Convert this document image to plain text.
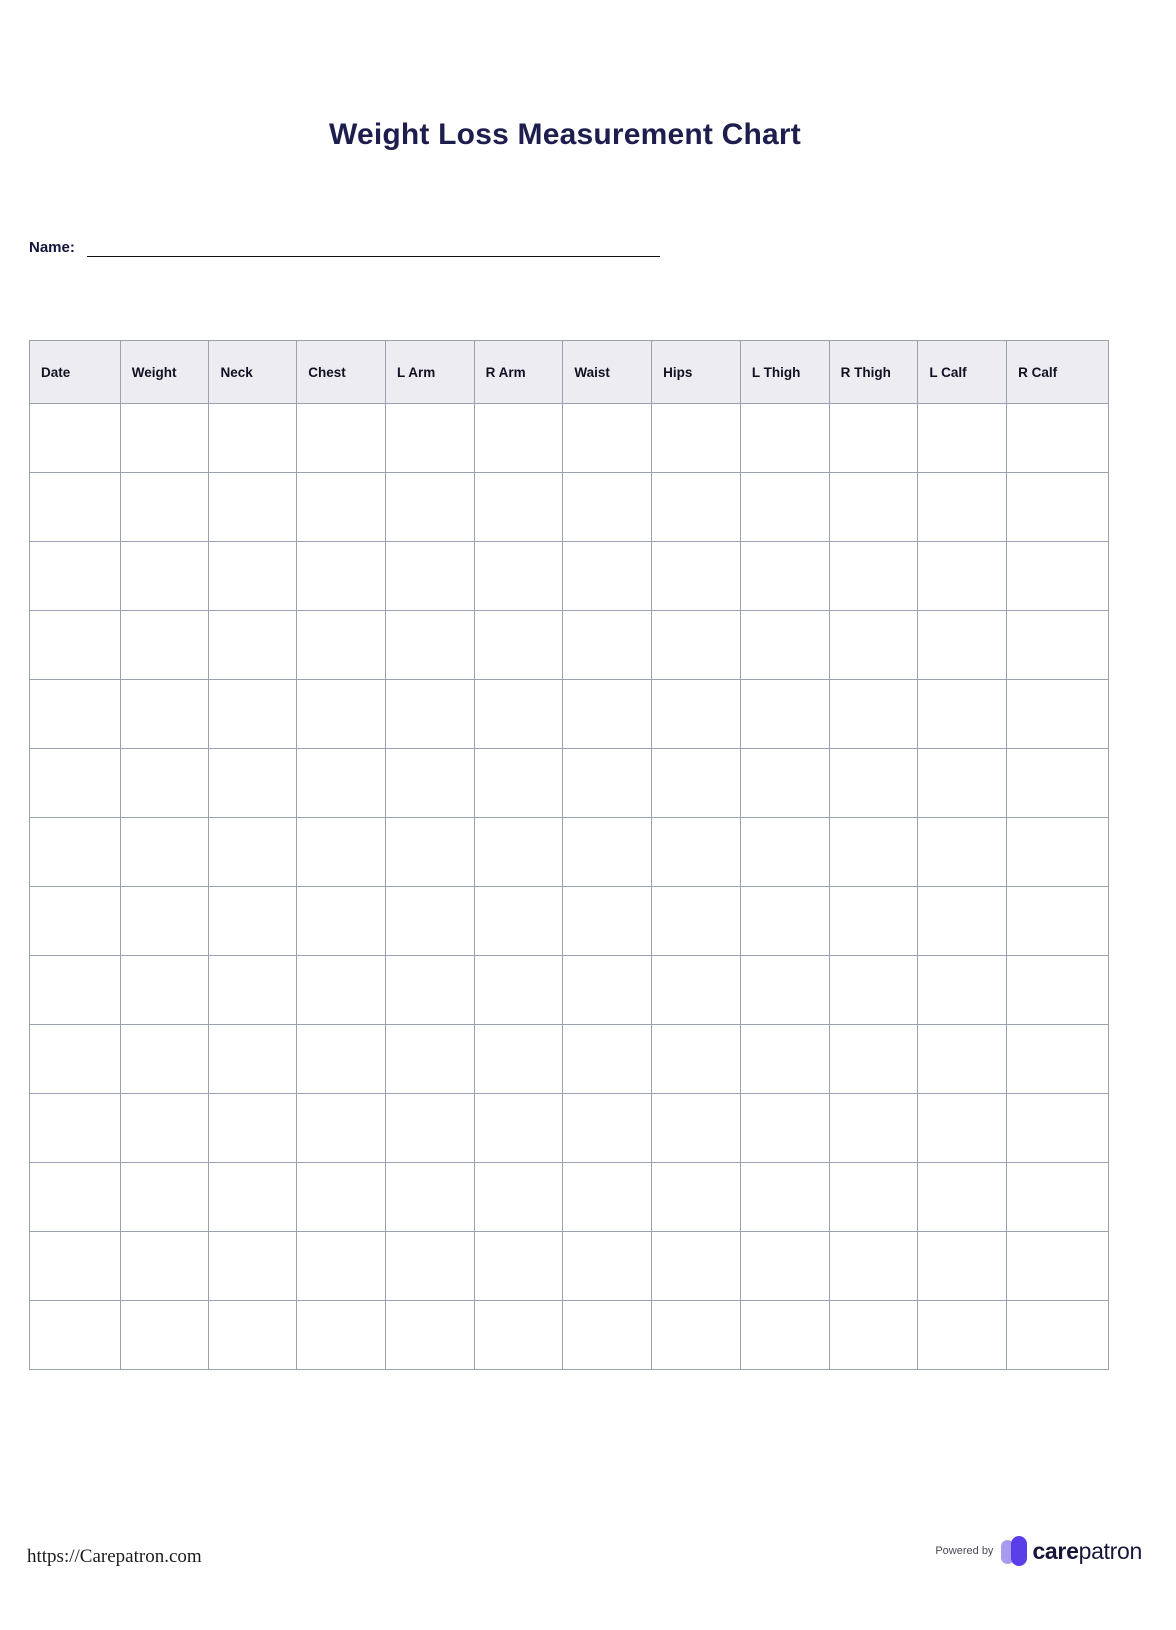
Weight Loss Measurement Chart
Name:
Date	Weight	Neck	Chest	L Arm	R Arm	Waist	Hips	L Thigh	R Thigh	L Calf	R Calf

https://Carepatron.com	Powered by carepatron
